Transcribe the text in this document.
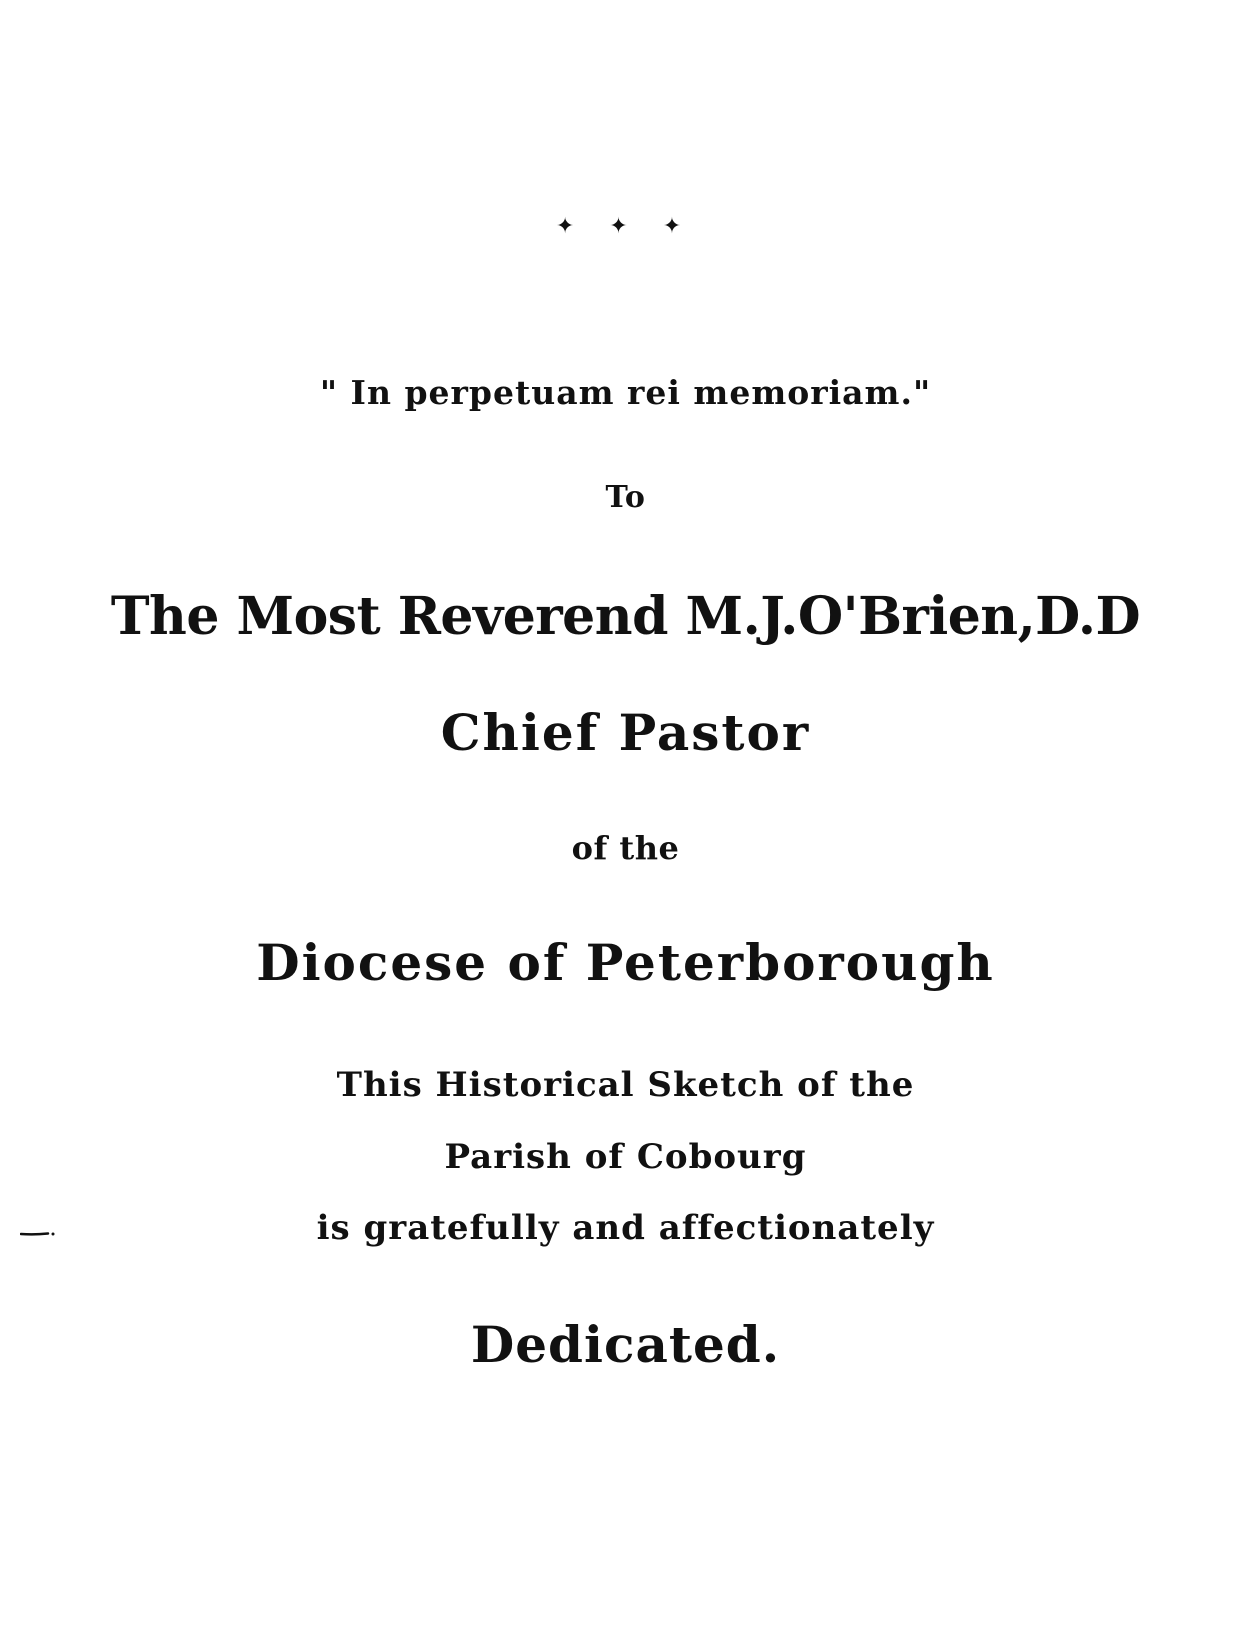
✦ ✦ ✦
" In perpetuam rei memoriam."
To
The Most Reverend M.J.O'Brien,D.D
Chief Pastor
of the
Diocese of Peterborough
This Historical Sketch of the
Parish of Cobourg
is gratefully and affectionately
Dedicated.
